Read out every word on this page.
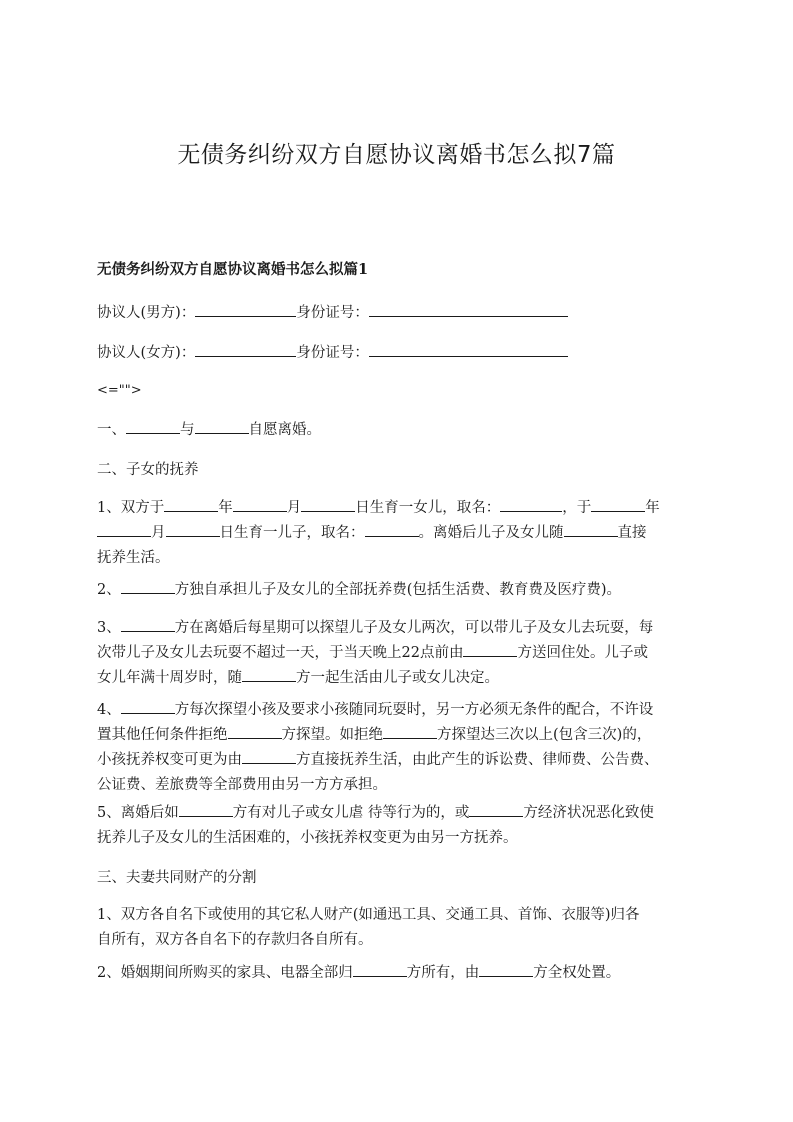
无债务纠纷双方自愿协议离婚书怎么拟7篇
无债务纠纷双方自愿协议离婚书怎么拟篇1

协议人(男方)：	身份证号：

协议人(女方)：	身份证号：

<="">

一、	与	自愿离婚。

二、子女的抚养

1、双方于	年	月	日生育一女儿，取名：	，于	年
月	日生育一儿子，取名：	。离婚后儿子及女儿随	直接
抚养生活。

2、	方独自承担儿子及女儿的全部抚养费(包括生活费、教育费及医疗费)。

3、	方在离婚后每星期可以探望儿子及女儿两次，可以带儿子及女儿去玩耍，每
次带儿子及女儿去玩耍不超过一天，于当天晚上22点前由	方送回住处。儿子或
女儿年满十周岁时，随	方一起生活由儿子或女儿决定。

4、	方每次探望小孩及要求小孩随同玩耍时，另一方必须无条件的配合，不许设
置其他任何条件拒绝	方探望。如拒绝	方探望达三次以上(包含三次)的，
小孩抚养权变可更为由	方直接抚养生活，由此产生的诉讼费、律师费、公告费、
公证费、差旅费等全部费用由另一方方承担。

5、离婚后如	方有对儿子或女儿虐 待等行为的，或	方经济状况恶化致使
抚养儿子及女儿的生活困难的，小孩抚养权变更为由另一方抚养。

三、夫妻共同财产的分割

1、双方各自名下或使用的其它私人财产(如通迅工具、交通工具、首饰、衣服等)归各
自所有，双方各自名下的存款归各自所有。

2、婚姻期间所购买的家具、电器全部归	方所有，由	方全权处置。
